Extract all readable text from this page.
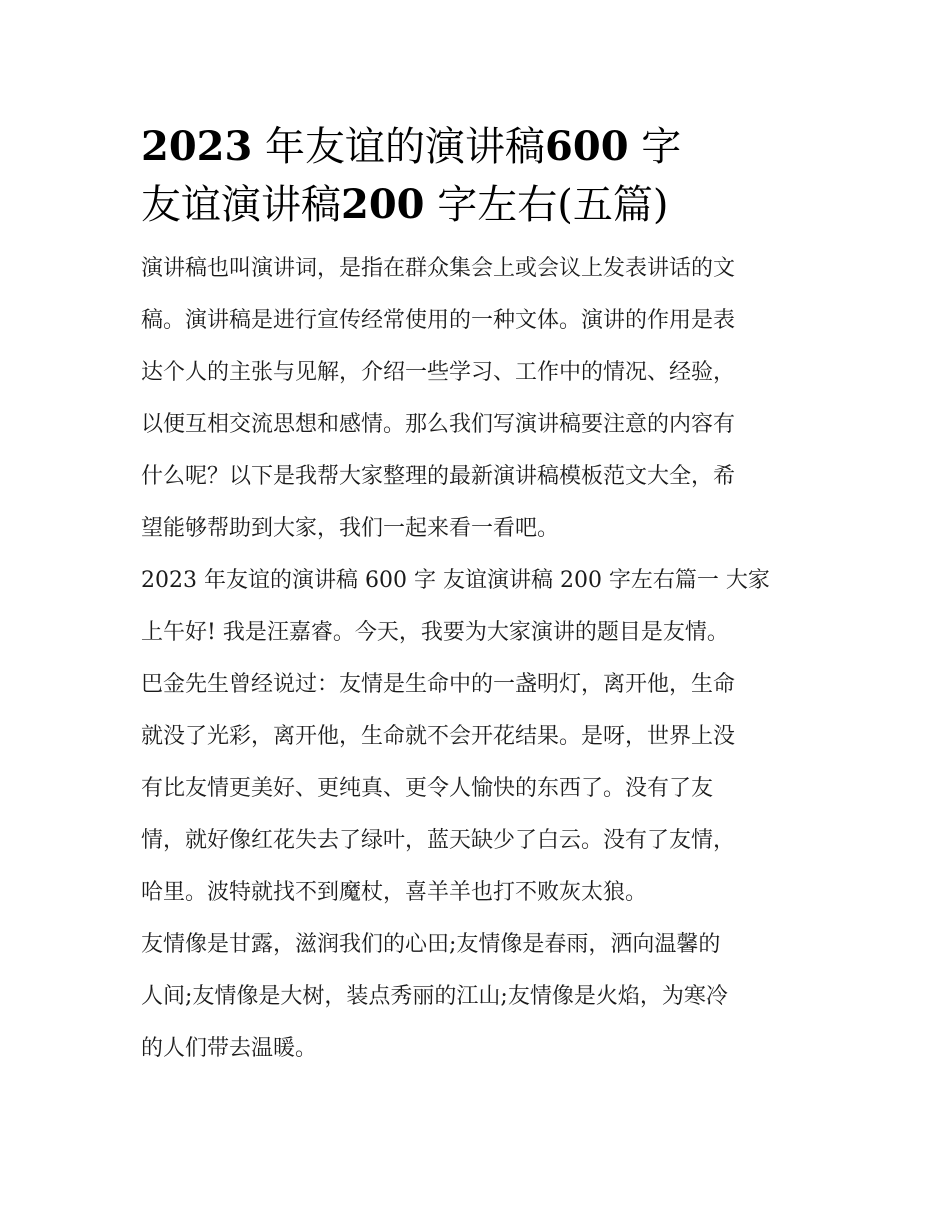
2023 年友谊的演讲稿600 字
友谊演讲稿200 字左右(五篇)

演讲稿也叫演讲词，是指在群众集会上或会议上发表讲话的文
稿。演讲稿是进行宣传经常使用的一种文体。演讲的作用是表
达个人的主张与见解，介绍一些学习、工作中的情况、经验，
以便互相交流思想和感情。那么我们写演讲稿要注意的内容有
什么呢？以下是我帮大家整理的最新演讲稿模板范文大全，希
望能够帮助到大家，我们一起来看一看吧。

2023 年友谊的演讲稿 600 字 友谊演讲稿 200 字左右篇一 大家
上午好! 我是汪嘉睿。今天，我要为大家演讲的题目是友情。
巴金先生曾经说过：友情是生命中的一盏明灯，离开他，生命
就没了光彩，离开他，生命就不会开花结果。是呀，世界上没
有比友情更美好、更纯真、更令人愉快的东西了。没有了友
情，就好像红花失去了绿叶，蓝天缺少了白云。没有了友情，
哈里。波特就找不到魔杖，喜羊羊也打不败灰太狼。

友情像是甘露，滋润我们的心田;友情像是春雨，洒向温馨的
人间;友情像是大树，装点秀丽的江山;友情像是火焰，为寒冷
的人们带去温暖。
